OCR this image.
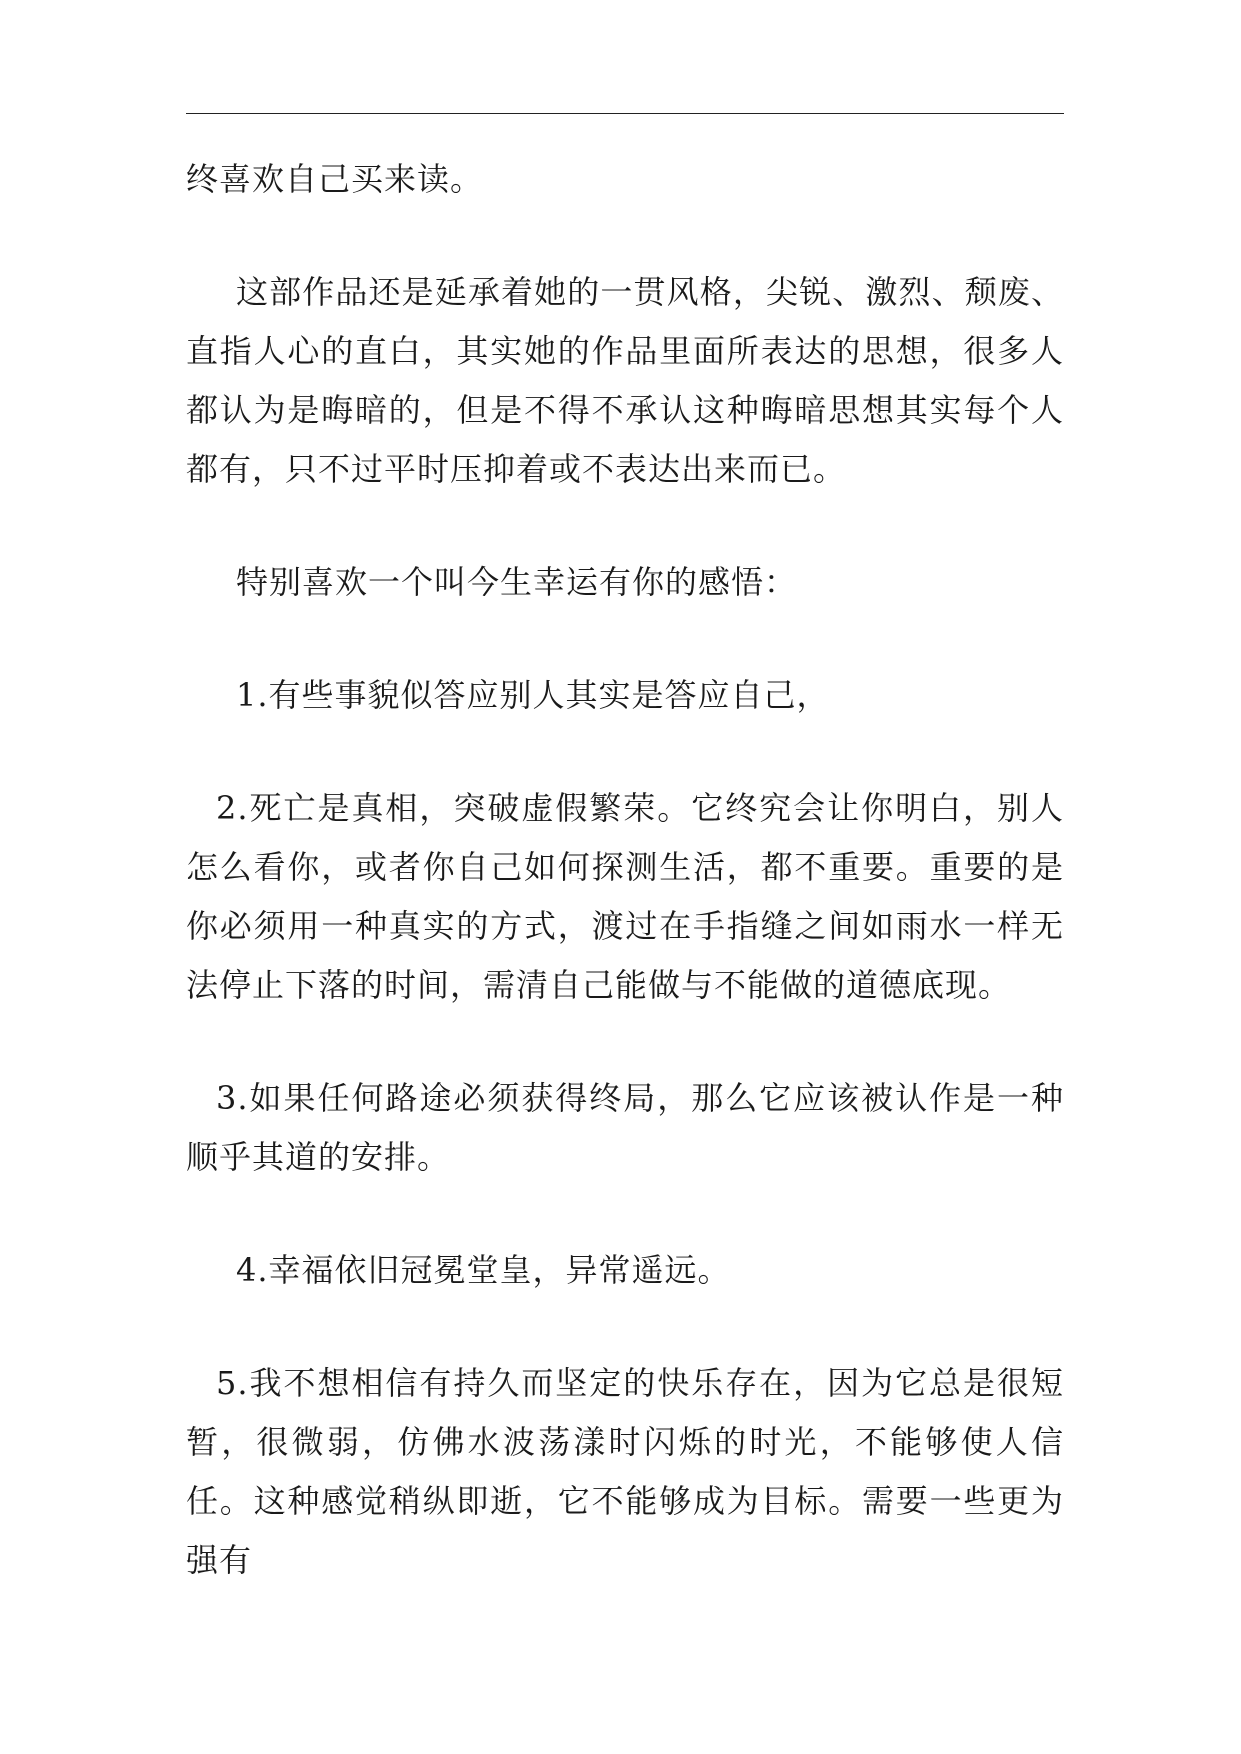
终喜欢自己买来读。

这部作品还是延承着她的一贯风格，尖锐、激烈、颓废、直指人心的直白，其实她的作品里面所表达的思想，很多人都认为是晦暗的，但是不得不承认这种晦暗思想其实每个人都有，只不过平时压抑着或不表达出来而已。

特别喜欢一个叫今生幸运有你的感悟：

1.有些事貌似答应别人其实是答应自己，

2.死亡是真相，突破虚假繁荣。它终究会让你明白，别人怎么看你，或者你自己如何探测生活，都不重要。重要的是你必须用一种真实的方式，渡过在手指缝之间如雨水一样无法停止下落的时间，需清自己能做与不能做的道德底现。

3.如果任何路途必须获得终局，那么它应该被认作是一种顺乎其道的安排。

4.幸福依旧冠冕堂皇，异常遥远。

5.我不想相信有持久而坚定的快乐存在，因为它总是很短暂，很微弱，仿佛水波荡漾时闪烁的时光，不能够使人信任。这种感觉稍纵即逝，它不能够成为目标。需要一些更为强有
